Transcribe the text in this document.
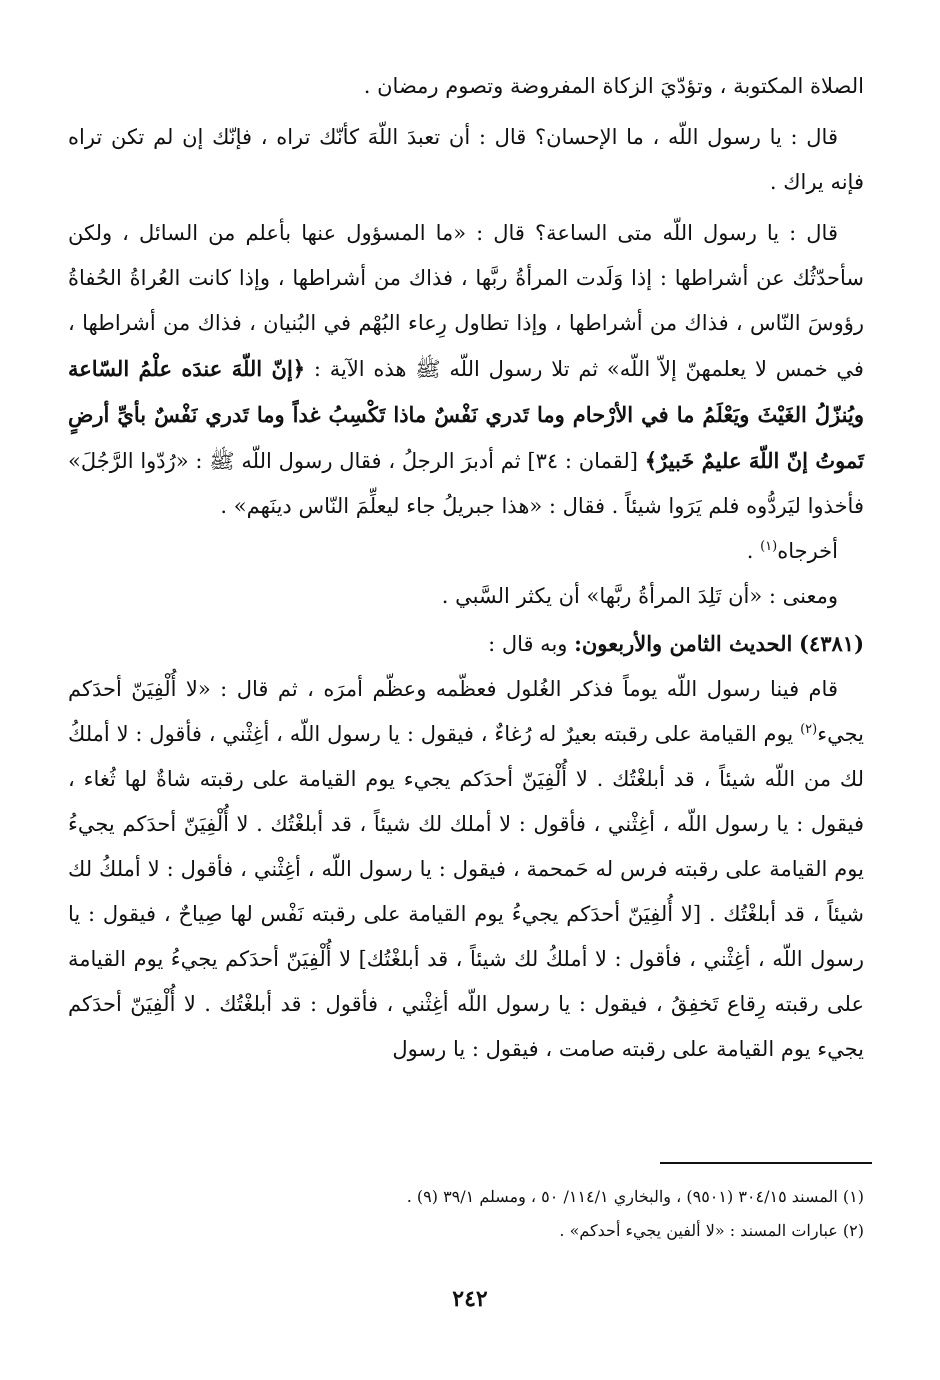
الصلاة المكتوبة ، وتؤدّيَ الزكاة المفروضة وتصوم رمضان .

قال : يا رسول اللّه ، ما الإحسان؟ قال : أن تعبدَ اللّهَ كأنّك تراه ، فإنّك إن لم تكن تراه فإنه يراك .

قال : يا رسول اللّه متى الساعة؟ قال : «ما المسؤول عنها بأعلم من السائل ، ولكن سأحدّثُك عن أشراطها : إذا وَلَدت المرأةُ ربَّها ، فذاك من أشراطها ، وإذا كانت العُراةُ الحُفاةُ رؤوسَ النّاس ، فذاك من أشراطها ، وإذا تطاول رِعاء البُهْم في البُنيان ، فذاك من أشراطها ، في خمس لا يعلمهنّ إلاّ اللّه» ثم تلا رسول اللّه ﷺ هذه الآية : ﴿إنّ اللّهَ عندَه علْمُ السّاعة ويُنزّلُ الغَيْثَ ويَعْلَمُ ما في الأرْحام وما تَدري نَفْسٌ ماذا تَكْسِبُ غداً وما تَدري نَفْسٌ بأيِّ أرضٍ تَموتُ إنّ اللّهَ عليمٌ خَبيرٌ﴾ [لقمان : ٣٤] ثم أدبرَ الرجلُ ، فقال رسول اللّه ﷺ : «رُدّوا الرَّجُلَ» فأخذوا ليَردُّوه فلم يَرَوا شيئاً . فقال : «هذا جبريلُ جاء ليعلِّمَ النّاس دينَهم» .

أخرجاه$^{(١)}$ .

ومعنى : «أن تَلِدَ المرأةُ ربَّها» أن يكثر السَّبي .

(٤٣٨١) الحديث الثامن والأربعون: وبه قال :

قام فينا رسول اللّه يوماً فذكر الغُلول فعظّمه وعظّم أمرَه ، ثم قال : «لا أُلْفِيَنّ أحدَكم يجيء$^{(٢)}$ يوم القيامة على رقبته بعيرٌ له رُغاءٌ ، فيقول : يا رسول اللّه ، أغِثْني ، فأقول : لا أملكُ لك من اللّه شيئاً ، قد أبلغْتُك . لا أُلْفِيَنّ أحدَكم يجيء يوم القيامة على رقبته شاةٌ لها ثُغاء ، فيقول : يا رسول اللّه ، أغِثْني ، فأقول : لا أملك لك شيئاً ، قد أبلغْتُك . لا أُلْفِيَنّ أحدَكم يجيءُ يوم القيامة على رقبته فرس له حَمحمة ، فيقول : يا رسول اللّه ، أغِثْني ، فأقول : لا أملكُ لك شيئاً ، قد أبلغْتُك . [لا أُلفِيَنّ أحدَكم يجيءُ يوم القيامة على رقبته نَفْس لها صِياحٌ ، فيقول : يا رسول اللّه ، أغِثْني ، فأقول : لا أملكُ لك شيئاً ، قد أبلغْتُك] لا أُلْفِيَنّ أحدَكم يجيءُ يوم القيامة على رقبته رِقاع تَخفِقُ ، فيقول : يا رسول اللّه أغِثْني ، فأقول : قد أبلغْتُك . لا أُلْفِيَنّ أحدَكم يجيء يوم القيامة على رقبته صامت ، فيقول : يا رسول

(١) المسند ٣٠٤/١٥ (٩٥٠١) ، والبخاري ١١٤/١/ ٥٠ ، ومسلم ٣٩/١ (٩) .

(٢) عبارات المسند : «لا ألفين يجيء أحدكم» .

٢٤٢
